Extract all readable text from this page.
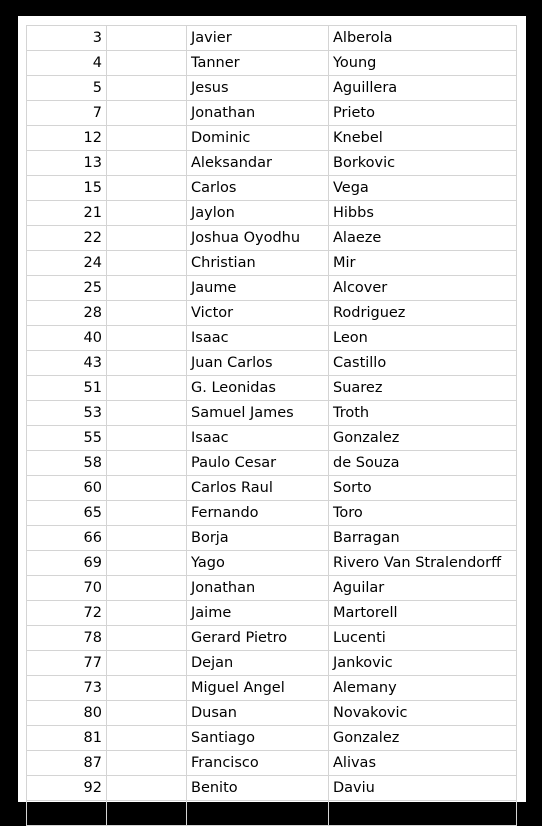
3		Javier	Alberola
4		Tanner	Young
5		Jesus	Aguillera
7		Jonathan	Prieto
12		Dominic	Knebel
13		Aleksandar	Borkovic
15		Carlos	Vega
21		Jaylon	Hibbs
22		Joshua Oyodhu	Alaeze
24		Christian	Mir
25		Jaume	Alcover
28		Victor	Rodriguez
40		Isaac	Leon
43		Juan Carlos	Castillo
51		G. Leonidas	Suarez
53		Samuel James	Troth
55		Isaac	Gonzalez
58		Paulo Cesar	de Souza
60		Carlos Raul	Sorto
65		Fernando	Toro
66		Borja	Barragan
69		Yago	Rivero Van Stralendorff
70		Jonathan	Aguilar
72		Jaime	Martorell
78		Gerard Pietro	Lucenti
77		Dejan	Jankovic
73		Miguel Angel	Alemany
80		Dusan	Novakovic
81		Santiago	Gonzalez
87		Francisco	Alivas
92		Benito	Daviu
99		Albert	Canellas
